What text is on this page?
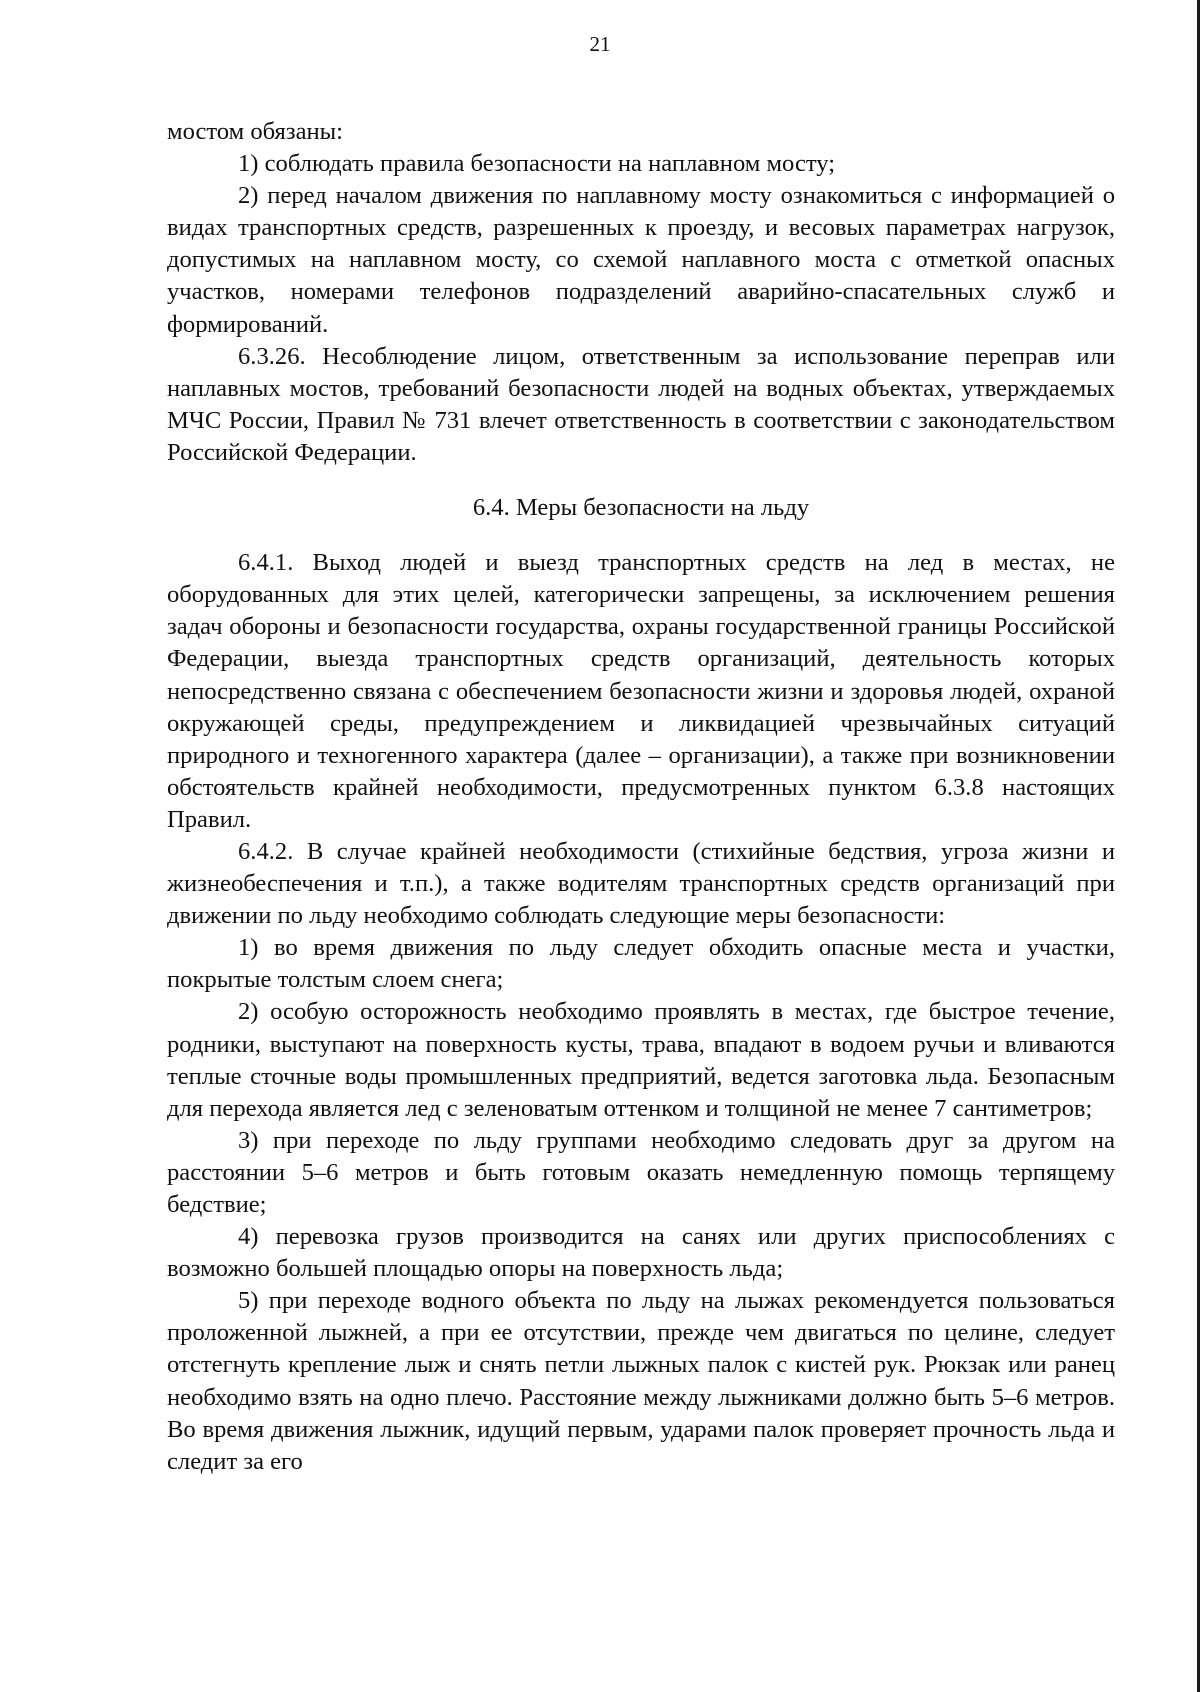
21

мостом обязаны:

1) соблюдать правила безопасности на наплавном мосту;

2) перед началом движения по наплавному мосту ознакомиться с информацией о видах транспортных средств, разрешенных к проезду, и весовых параметрах нагрузок, допустимых на наплавном мосту, со схемой наплавного моста с отметкой опасных участков, номерами телефонов подразделений аварийно-спасательных служб и формирований.

6.3.26. Несоблюдение лицом, ответственным за использование переправ или наплавных мостов, требований безопасности людей на водных объектах, утверждаемых МЧС России, Правил № 731 влечет ответственность в соответствии с законодательством Российской Федерации.

6.4. Меры безопасности на льду

6.4.1. Выход людей и выезд транспортных средств на лед в местах, не оборудованных для этих целей, категорически запрещены, за исключением решения задач обороны и безопасности государства, охраны государственной границы Российской Федерации, выезда транспортных средств организаций, деятельность которых непосредственно связана с обеспечением безопасности жизни и здоровья людей, охраной окружающей среды, предупреждением и ликвидацией чрезвычайных ситуаций природного и техногенного характера (далее – организации), а также при возникновении обстоятельств крайней необходимости, предусмотренных пунктом 6.3.8 настоящих Правил.

6.4.2. В случае крайней необходимости (стихийные бедствия, угроза жизни и жизнеобеспечения и т.п.), а также водителям транспортных средств организаций при движении по льду необходимо соблюдать следующие меры безопасности:

1) во время движения по льду следует обходить опасные места и участки, покрытые толстым слоем снега;

2) особую осторожность необходимо проявлять в местах, где быстрое течение, родники, выступают на поверхность кусты, трава, впадают в водоем ручьи и вливаются теплые сточные воды промышленных предприятий, ведется заготовка льда. Безопасным для перехода является лед с зеленоватым оттенком и толщиной не менее 7 сантиметров;

3) при переходе по льду группами необходимо следовать друг за другом на расстоянии 5–6 метров и быть готовым оказать немедленную помощь терпящему бедствие;

4) перевозка грузов производится на санях или других приспособлениях с возможно большей площадью опоры на поверхность льда;

5) при переходе водного объекта по льду на лыжах рекомендуется пользоваться проложенной лыжней, а при ее отсутствии, прежде чем двигаться по целине, следует отстегнуть крепление лыж и снять петли лыжных палок с кистей рук. Рюкзак или ранец необходимо взять на одно плечо. Расстояние между лыжниками должно быть 5–6 метров. Во время движения лыжник, идущий первым, ударами палок проверяет прочность льда и следит за его
